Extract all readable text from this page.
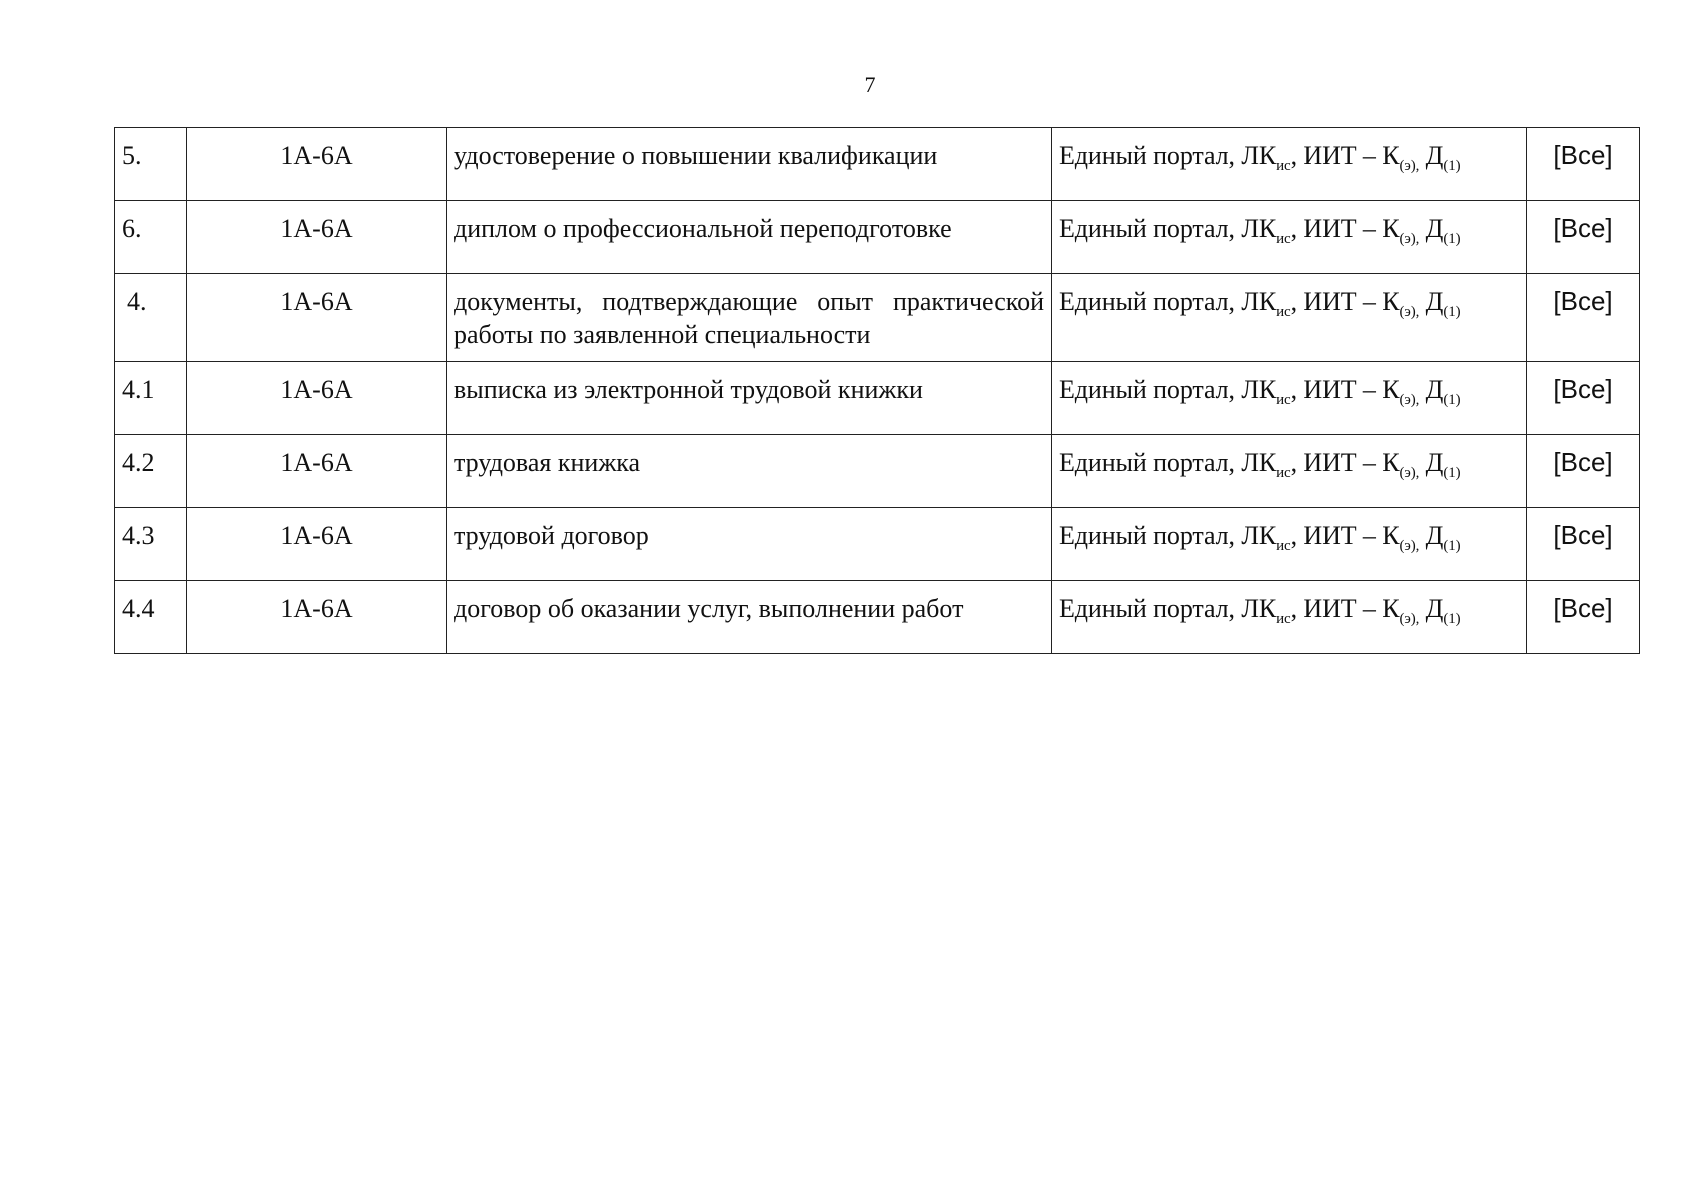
7
5.	1А-6А	удостоверение о повышении квалификации	Единый портал, $ЛК_{ис}$, ИИТ – $К_{(э),}$ $Д_{(1)}$	[Все]
6.	1А-6А	диплом о профессиональной переподготовке	Единый портал, $ЛК_{ис}$, ИИТ – $К_{(э),}$ $Д_{(1)}$	[Все]
4.	1А-6А	документы, подтверждающие опыт практической работы по заявленной специальности	Единый портал, $ЛК_{ис}$, ИИТ – $К_{(э),}$ $Д_{(1)}$	[Все]
4.1	1А-6А	выписка из электронной трудовой книжки	Единый портал, $ЛК_{ис}$, ИИТ – $К_{(э),}$ $Д_{(1)}$	[Все]
4.2	1А-6А	трудовая книжка	Единый портал, $ЛК_{ис}$, ИИТ – $К_{(э),}$ $Д_{(1)}$	[Все]
4.3	1А-6А	трудовой договор	Единый портал, $ЛК_{ис}$, ИИТ – $К_{(э),}$ $Д_{(1)}$	[Все]
4.4	1А-6А	договор об оказании услуг, выполнении работ	Единый портал, $ЛК_{ис}$, ИИТ – $К_{(э),}$ $Д_{(1)}$	[Все]
